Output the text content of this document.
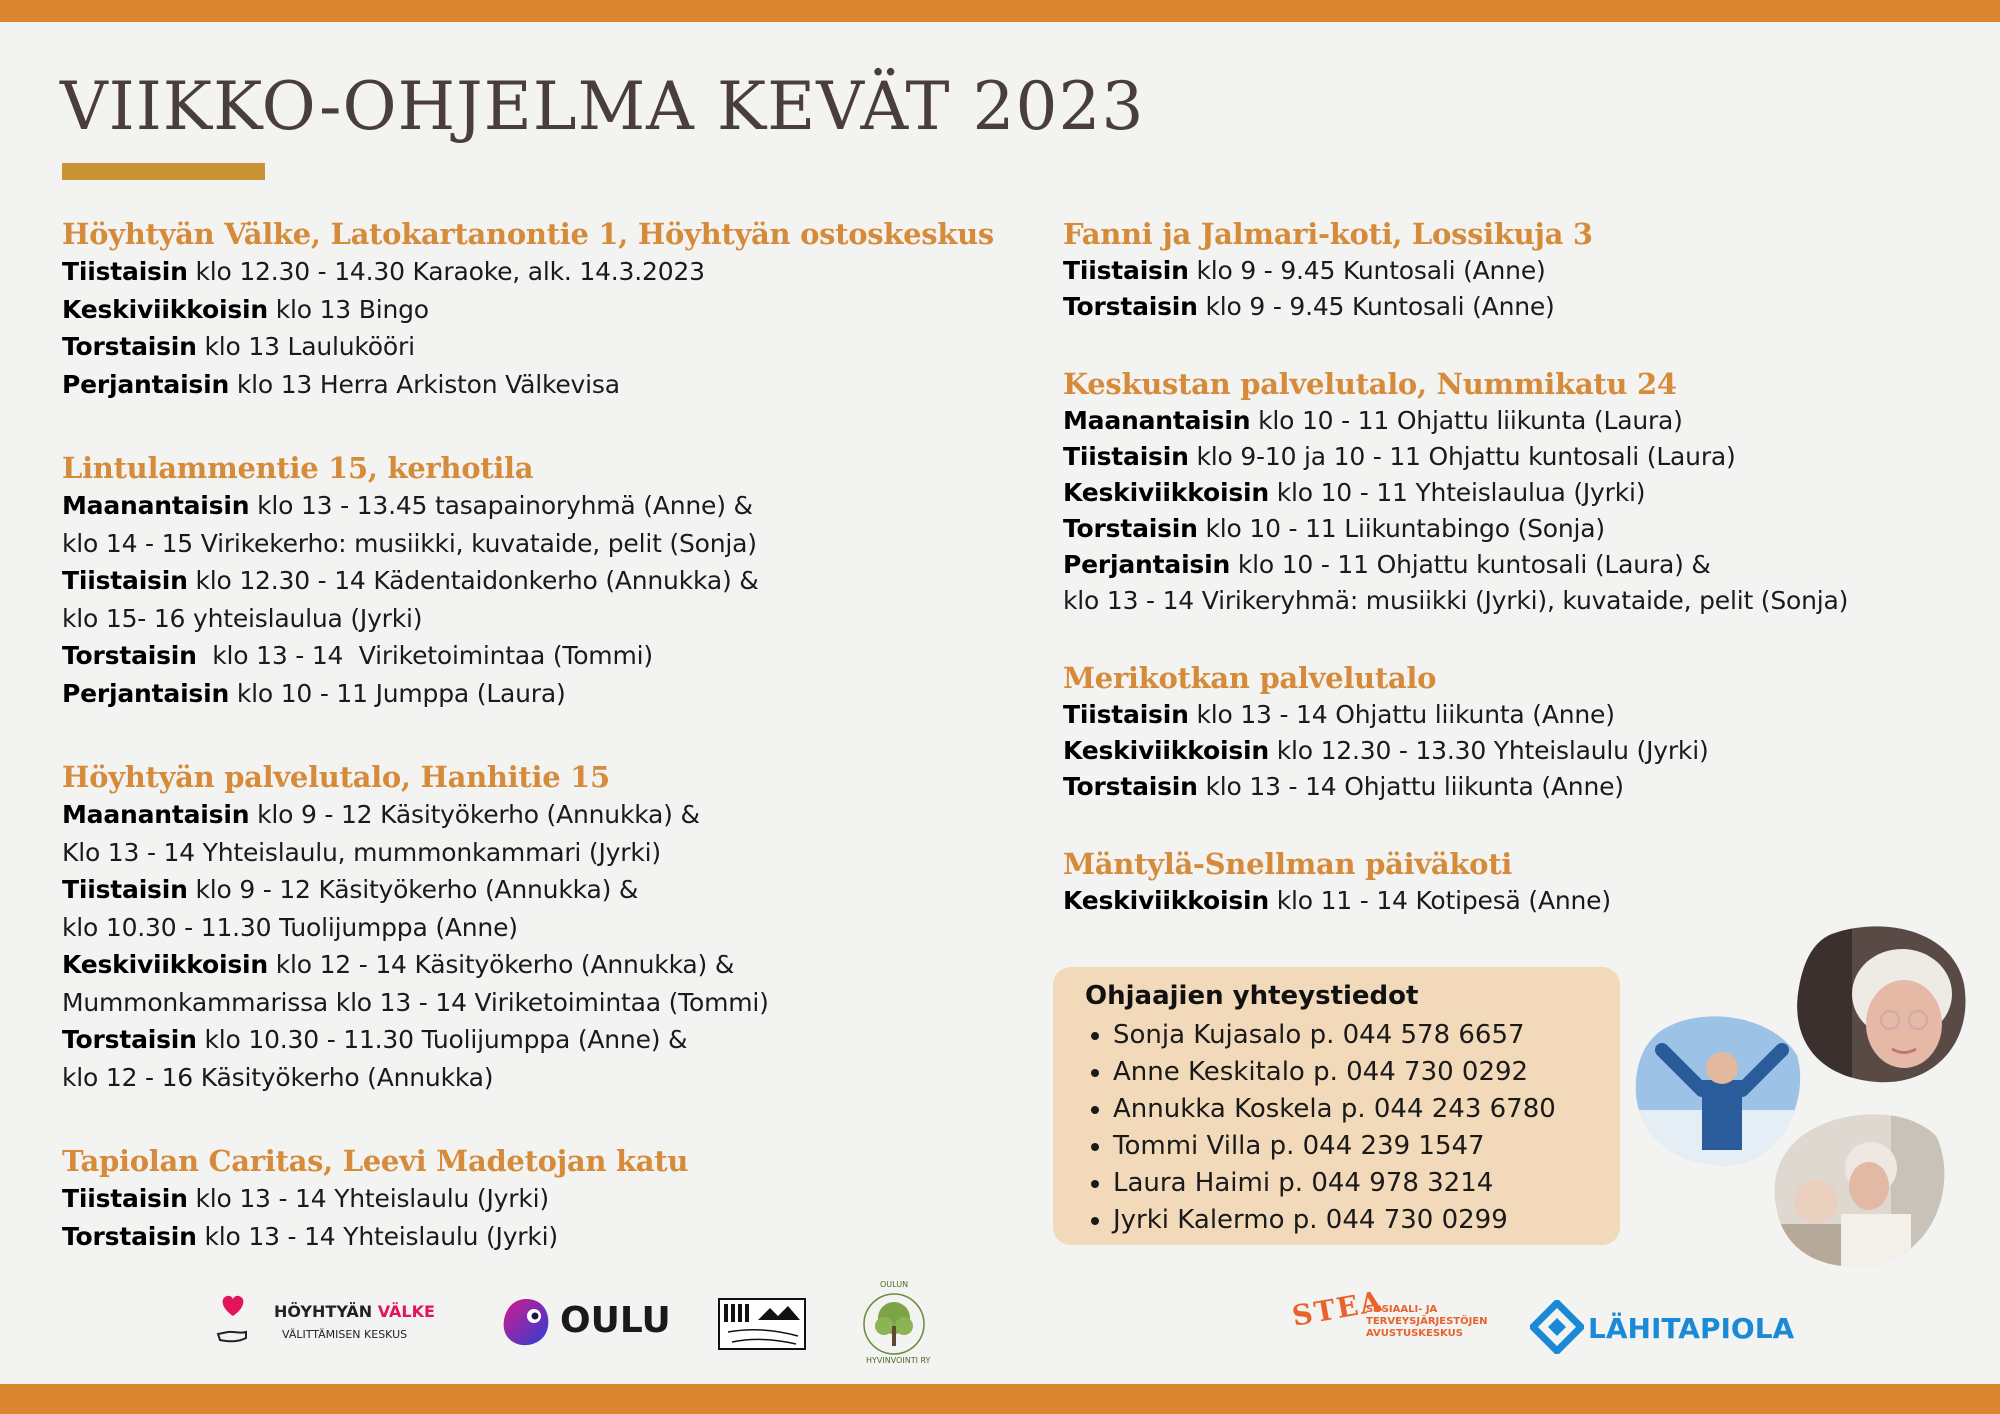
VIIKKO-OHJELMA KEVÄT 2023
Höyhtyän Välke, Latokartanontie 1, Höyhtyän ostoskeskus
Tiistaisin klo 12.30 - 14.30 Karaoke, alk. 14.3.2023
Keskiviikkoisin klo 13 Bingo
Torstaisin klo 13 Laulukööri
Perjantaisin klo 13 Herra Arkiston Välkevisa
Lintulammentie 15, kerhotila
Maanantaisin klo 13 - 13.45 tasapainoryhmä (Anne) &
klo 14 - 15 Virikekerho: musiikki, kuvataide, pelit (Sonja)
Tiistaisin klo 12.30 - 14 Kädentaidonkerho (Annukka) &
klo 15- 16 yhteislaulua (Jyrki)
Torstaisin  klo 13 - 14  Viriketoimintaa (Tommi)
Perjantaisin klo 10 - 11 Jumppa (Laura)
Höyhtyän palvelutalo, Hanhitie 15
Maanantaisin klo 9 - 12 Käsityökerho (Annukka) &
Klo 13 - 14 Yhteislaulu, mummonkammari (Jyrki)
Tiistaisin klo 9 - 12 Käsityökerho (Annukka) &
klo 10.30 - 11.30 Tuolijumppa (Anne)
Keskiviikkoisin klo 12 - 14 Käsityökerho (Annukka) &
Mummonkammarissa klo 13 - 14 Viriketoimintaa (Tommi)
Torstaisin klo 10.30 - 11.30 Tuolijumppa (Anne) &
klo 12 - 16 Käsityökerho (Annukka)
Tapiolan Caritas, Leevi Madetojan katu
Tiistaisin klo 13 - 14 Yhteislaulu (Jyrki)
Torstaisin klo 13 - 14 Yhteislaulu (Jyrki)
Fanni ja Jalmari-koti, Lossikuja 3
Tiistaisin klo 9 - 9.45 Kuntosali (Anne)
Torstaisin klo 9 - 9.45 Kuntosali (Anne)
Keskustan palvelutalo, Nummikatu 24
Maanantaisin klo 10 - 11 Ohjattu liikunta (Laura)
Tiistaisin klo 9-10 ja 10 - 11 Ohjattu kuntosali (Laura)
Keskiviikkoisin klo 10 - 11 Yhteislaulua (Jyrki)
Torstaisin klo 10 - 11 Liikuntabingo (Sonja)
Perjantaisin klo 10 - 11 Ohjattu kuntosali (Laura) &
klo 13 - 14 Virikeryhmä: musiikki (Jyrki), kuvataide, pelit (Sonja)
Merikotkan palvelutalo
Tiistaisin klo 13 - 14 Ohjattu liikunta (Anne)
Keskiviikkoisin klo 12.30 - 13.30 Yhteislaulu (Jyrki)
Torstaisin klo 13 - 14 Ohjattu liikunta (Anne)
Mäntylä-Snellman päiväkoti
Keskiviikkoisin klo 11 - 14 Kotipesä (Anne)
Ohjaajien yhteystiedot
• Sonja Kujasalo p. 044 578 6657
• Anne Keskitalo p. 044 730 0292
• Annukka Koskela p. 044 243 6780
• Tommi Villa p. 044 239 1547
• Laura Haimi p. 044 978 3214
• Jyrki Kalermo p. 044 730 0299
HÖYHTYÄN VÄLKE
VÄLITTÄMISEN KESKUS	OULU
OULUN
HYVINVOINTI RY
STEA
SOSIAALI- JA
TERVEYSJÄRJESTÖJEN
AVUSTUSKESKUS	LÄHITAPIOLA
